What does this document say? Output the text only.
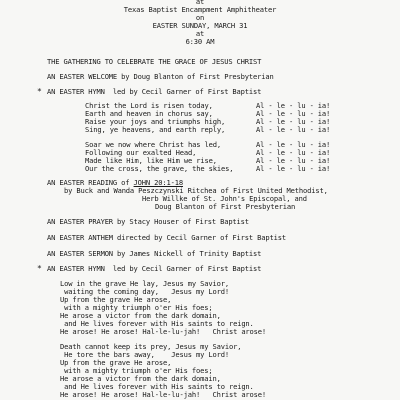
at
Texas Baptist Encampment Amphitheater
on
EASTER SUNDAY, MARCH 31
at
6:30 AM
THE GATHERING TO CELEBRATE THE GRACE OF JESUS CHRIST
AN EASTER WELCOME by Doug Blanton of First Presbyterian
* AN EASTER HYMN  led by Cecil Garner of First Baptist
Christ the Lord is risen today,	Al - le - lu - ia!
Earth and heaven in chorus say,	Al - le - lu - ia!
Raise your joys and triumphs high,	Al - le - lu - ia!
Sing, ye heavens, and earth reply,	Al - le - lu - ia!
Soar we now where Christ has led,	Al - le - lu - ia!
Following our exalted Head,	Al - le - lu - ia!
Made like Him, like Him we rise,	Al - le - lu - ia!
Our the cross, the grave, the skies,	Al - le - lu - ia!
AN EASTER READING of JOHN 20:1-18
by Buck and Wanda Peszczynski Ritchea of First United Methodist,
Herb Willke of St. John's Episcopal, and
Doug Blanton of First Presbyterian
AN EASTER PRAYER by Stacy Houser of First Baptist
AN EASTER ANTHEM directed by Cecil Garner of First Baptist
AN EASTER SERMON by James Nickell of Trinity Baptist
* AN EASTER HYMN  led by Cecil Garner of First Baptist
Low in the grave He lay, Jesus my Savior,
waiting the coming day,   Jesus my Lord!
Up from the grave He arose,
with a mighty triumph o'er His foes;
He arose a victor from the dark domain,
and He lives forever with His saints to reign.
He arose! He arose! Hal-le-lu-jah!   Christ arose!
Death cannot keep its prey, Jesus my Savior,
He tore the bars away,    Jesus my Lord!
Up from the grave He arose,
with a mighty triumph o'er His foes;
He arose a victor from the dark domain,
and He lives forever with His saints to reign.
He arose! He arose! Hal-le-lu-jah!   Christ arose!
